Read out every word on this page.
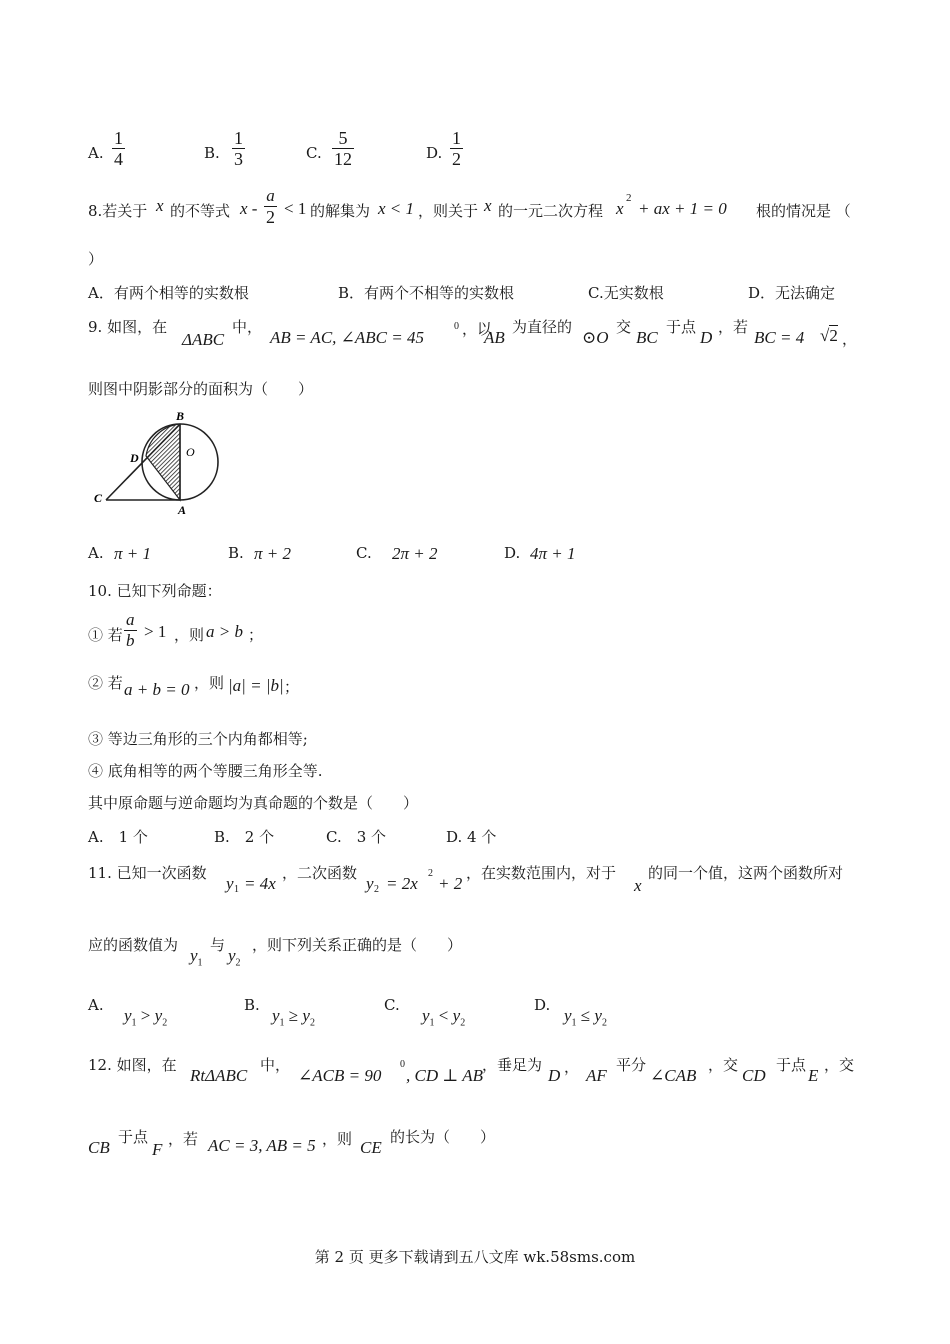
A. $\frac{1}{4}$	B. $\frac{1}{3}$	C. $\frac{5}{12}$	D. $\frac{1}{2}$
8.若关于 x 的不等式 $x - \frac{a}{2} < 1$ 的解集为 x < 1 ，则关于 x 的一元二次方程 x
2
+ ax + 1 = 0 根的情况是 （
）
A．有两个相等的实数根	B．有两个不相等的实数根	C.无实数根	D．无法确定
9. 如图，在
ΔABC
中，
AB = AC, ∠ABC = 45
0 ，以
AB
为直径的
⊙O
交
BC
于点
D
，若
BC = 4 √2 ，
则图中阴影部分的面积为（　　）
B
D	O
C
A
A. π + 1	B. π + 2	C. 2π + 2	D. 4π + 1
10. 已知下列命题：
① 若 $\frac{a}{b} > 1$ ，则 a > b ；
② 若 a + b = 0 ，则 |a| = |b| ；
③ 等边三角形的三个内角都相等;
④ 底角相等的两个等腰三角形全等.
其中原命题与逆命题均为真命题的个数是（　　）
A.　1 个	B.　2 个	C.　3 个	D. 4 个
11. 已知一次函数
y 1 = 4x
，二次函数
y 2 = 2x
2
+ 2
，在实数范围内，对于
x
的同一个值，这两个函数所对
应的函数值为
$y_1$
与
$y_2$
，则下列关系正确的是（　　）
A.
$y_1 > y_2$
B.
$y_1 \ge y_2$
C.
$y_1 < y_2$
D.
$y_1 \le y_2$
12. 如图，在
RtΔABC
中，
∠ACB = 90
0
, CD ⊥ AB
，垂足为
D ， AF
平分
∠CAB
，交
CD
于点
E
，交
CB
于点
F
，若 AC = 3, AB = 5 ，则 CE
的长为（　　）
第 2 页 更多下载请到五八文库 wk.58sms.com
